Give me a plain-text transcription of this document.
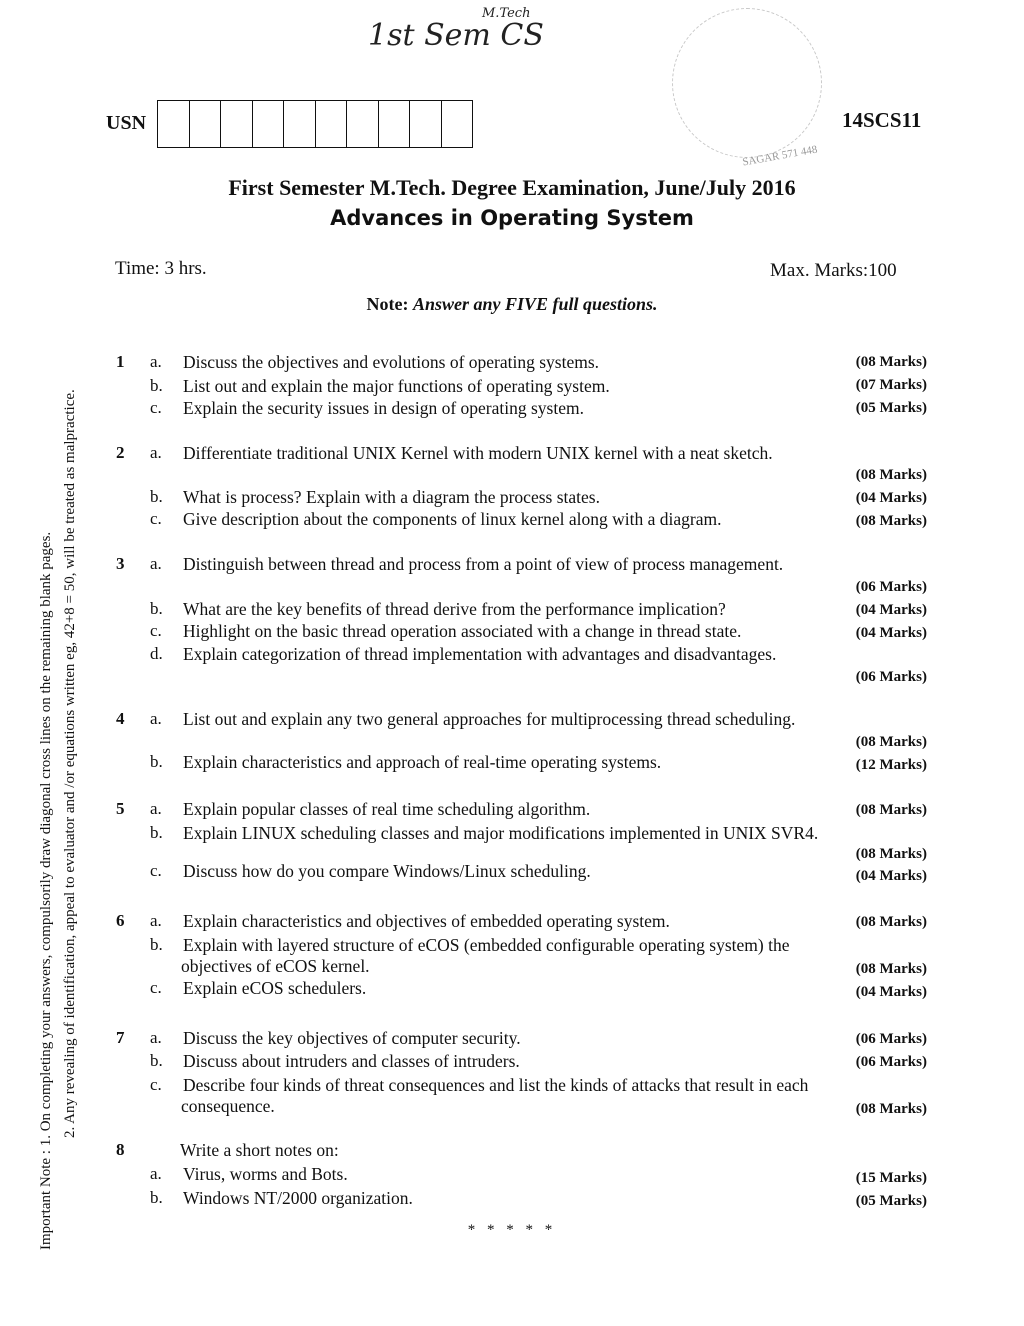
1st Sem CS
M.Tech
SAGAR 571 448
USN	14SCS11
First Semester M.Tech. Degree Examination, June/July 2016
Advances in Operating System
Time: 3 hrs.	Max. Marks:100
Note: Answer any FIVE full questions.
Important Note : 1. On completing your answers, compulsorily draw diagonal cross lines on the remaining blank pages. 2. Any revealing of identification, appeal to evaluator and /or equations written eg, 42+8 = 50, will be treated as malpractice.
1	a.	Discuss the objectives and evolutions of operating systems.	(08 Marks)
b.	List out and explain the major functions of operating system.	(07 Marks)
c.	Explain the security issues in design of operating system.	(05 Marks)
2	a.	Differentiate traditional UNIX Kernel with modern UNIX kernel with a neat sketch.
(08 Marks)
b.	What is process? Explain with a diagram the process states.	(04 Marks)
c.	Give description about the components of linux kernel along with a diagram.	(08 Marks)
3	a.	Distinguish between thread and process from a point of view of process management.
(06 Marks)
b.	What are the key benefits of thread derive from the performance implication?	(04 Marks)
c.	Highlight on the basic thread operation associated with a change in thread state.	(04 Marks)
d.	Explain categorization of thread implementation with advantages and disadvantages.
(06 Marks)
4	a.	List out and explain any two general approaches for multiprocessing thread scheduling.
(08 Marks)
b.	Explain characteristics and approach of real-time operating systems.	(12 Marks)
5	a.	Explain popular classes of real time scheduling algorithm.	(08 Marks)
b.	Explain LINUX scheduling classes and major modifications implemented in UNIX SVR4.
(08 Marks)
c.	Discuss how do you compare Windows/Linux scheduling.	(04 Marks)
6	a.	Explain characteristics and objectives of embedded operating system.	(08 Marks)
b.	Explain with layered structure of eCOS (embedded configurable operating system) the
objectives of eCOS kernel.	(08 Marks)
c.	Explain eCOS schedulers.	(04 Marks)
7	a.	Discuss the key objectives of computer security.	(06 Marks)
b.	Discuss about intruders and classes of intruders.	(06 Marks)
c.	Describe four kinds of threat consequences and list the kinds of attacks that result in each
consequence.	(08 Marks)
8	Write a short notes on:
a.	Virus, worms and Bots.	(15 Marks)
b.	Windows NT/2000 organization.	(05 Marks)
* * * * *
